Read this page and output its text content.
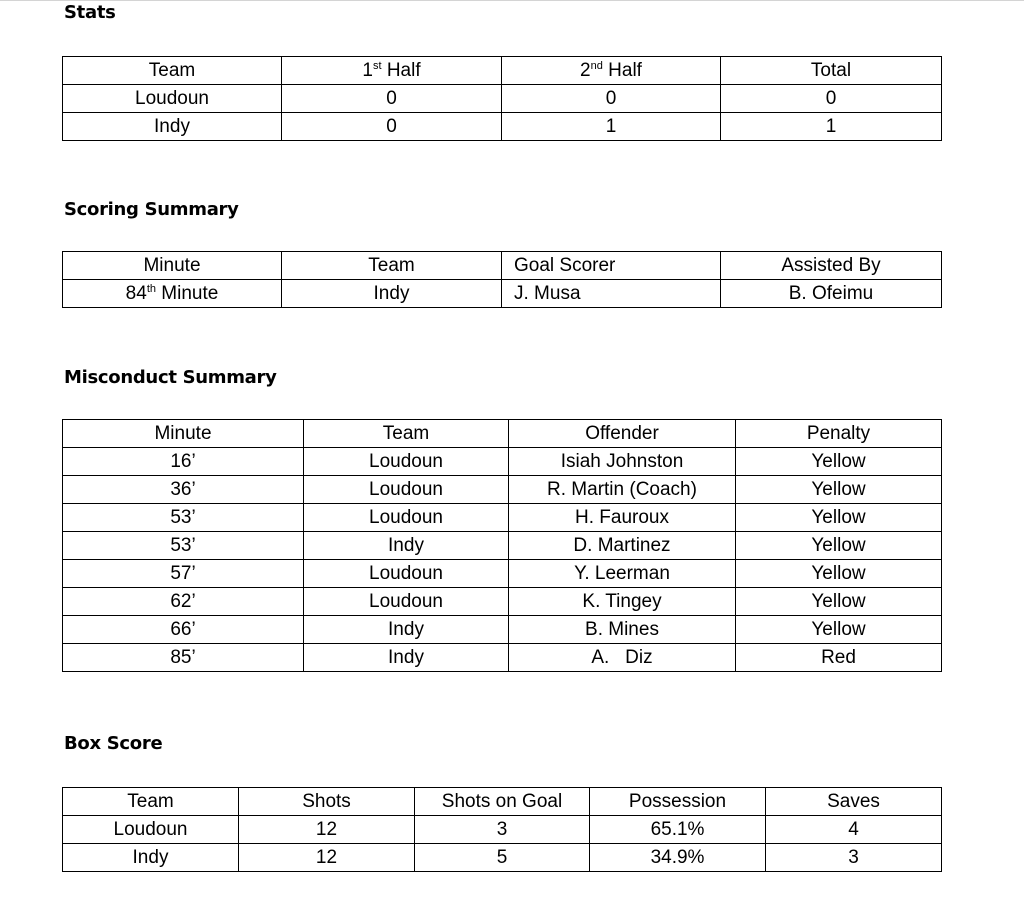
Stats
Team	1st Half	2nd Half	Total
Loudoun	0	0	0
Indy	0	1	1
Scoring Summary
Minute	Team	Goal Scorer	Assisted By
84th Minute	Indy	J. Musa	B. Ofeimu
Misconduct Summary
Minute	Team	Offender	Penalty
16’	Loudoun	Isiah Johnston	Yellow
36’	Loudoun	R. Martin (Coach)	Yellow
53’	Loudoun	H. Fauroux	Yellow
53’	Indy	D. Martinez	Yellow
57’	Loudoun	Y. Leerman	Yellow
62’	Loudoun	K. Tingey	Yellow
66’	Indy	B. Mines	Yellow
85’	Indy	A.   Diz	Red
Box Score
Team	Shots	Shots on Goal	Possession	Saves
Loudoun	12	3	65.1%	4
Indy	12	5	34.9%	3
